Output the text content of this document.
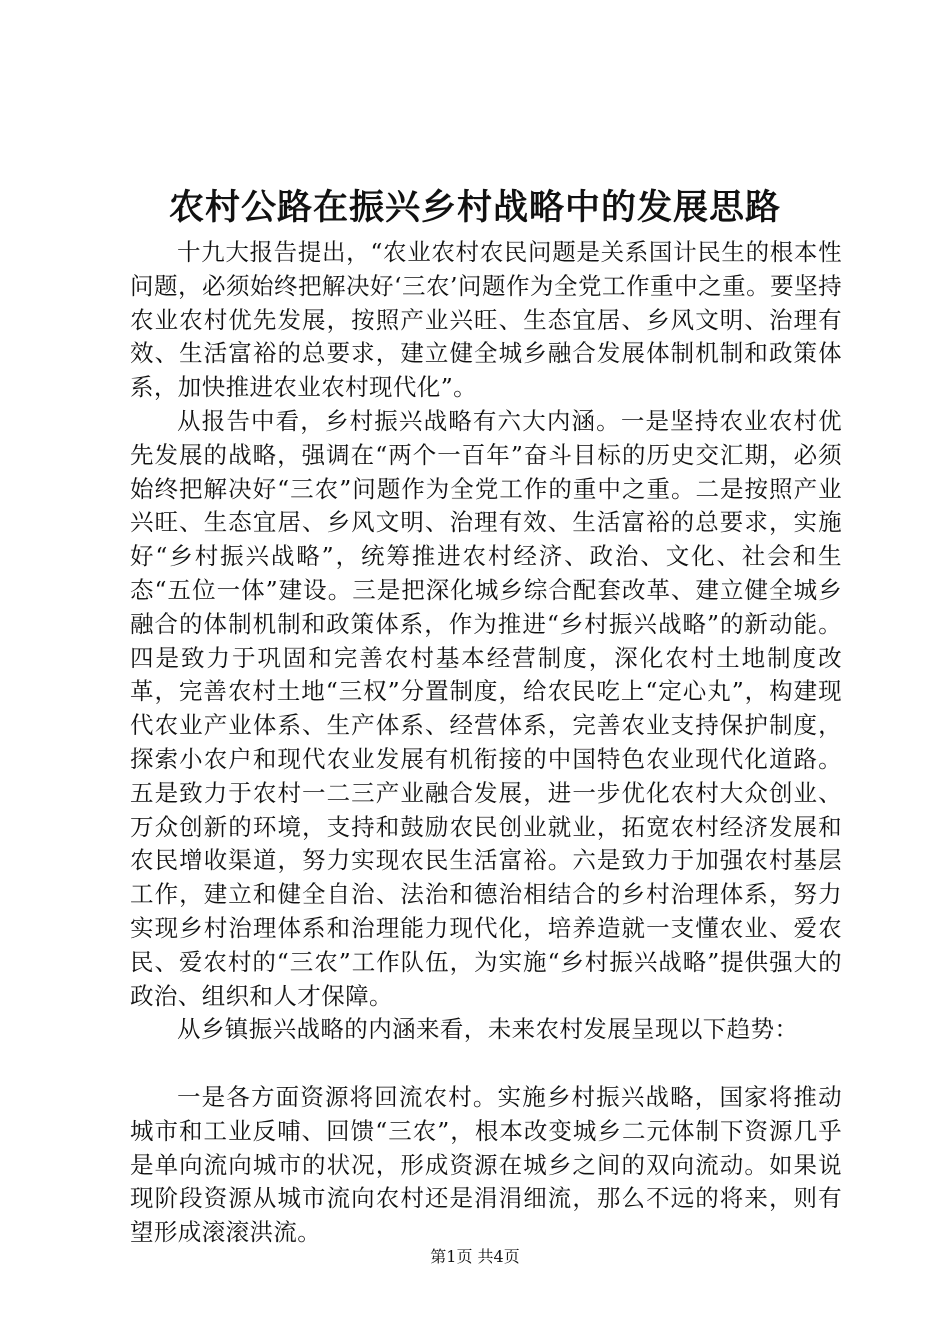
农村公路在振兴乡村战略中的发展思路

十九大报告提出，“农业农村农民问题是关系国计民生的根本性问题，必须始终把解决好‘三农’问题作为全党工作重中之重。要坚持农业农村优先发展，按照产业兴旺、生态宜居、乡风文明、治理有效、生活富裕的总要求，建立健全城乡融合发展体制机制和政策体系，加快推进农业农村现代化”。

从报告中看，乡村振兴战略有六大内涵。一是坚持农业农村优先发展的战略，强调在“两个一百年”奋斗目标的历史交汇期，必须始终把解决好“三农”问题作为全党工作的重中之重。二是按照产业兴旺、生态宜居、乡风文明、治理有效、生活富裕的总要求，实施好“乡村振兴战略”，统筹推进农村经济、政治、文化、社会和生态“五位一体”建设。三是把深化城乡综合配套改革、建立健全城乡融合的体制机制和政策体系，作为推进“乡村振兴战略”的新动能。四是致力于巩固和完善农村基本经营制度，深化农村土地制度改革，完善农村土地“三权”分置制度，给农民吃上“定心丸”，构建现代农业产业体系、生产体系、经营体系，完善农业支持保护制度，探索小农户和现代农业发展有机衔接的中国特色农业现代化道路。五是致力于农村一二三产业融合发展，进一步优化农村大众创业、万众创新的环境，支持和鼓励农民创业就业，拓宽农村经济发展和农民增收渠道，努力实现农民生活富裕。六是致力于加强农村基层工作，建立和健全自治、法治和德治相结合的乡村治理体系，努力实现乡村治理体系和治理能力现代化，培养造就一支懂农业、爱农民、爱农村的“三农”工作队伍，为实施“乡村振兴战略”提供强大的政治、组织和人才保障。

从乡镇振兴战略的内涵来看，未来农村发展呈现以下趋势：

一是各方面资源将回流农村。实施乡村振兴战略，国家将推动城市和工业反哺、回馈“三农”，根本改变城乡二元体制下资源几乎是单向流向城市的状况，形成资源在城乡之间的双向流动。如果说现阶段资源从城市流向农村还是涓涓细流，那么不远的将来，则有望形成滚滚洪流。

第1页 共4页
